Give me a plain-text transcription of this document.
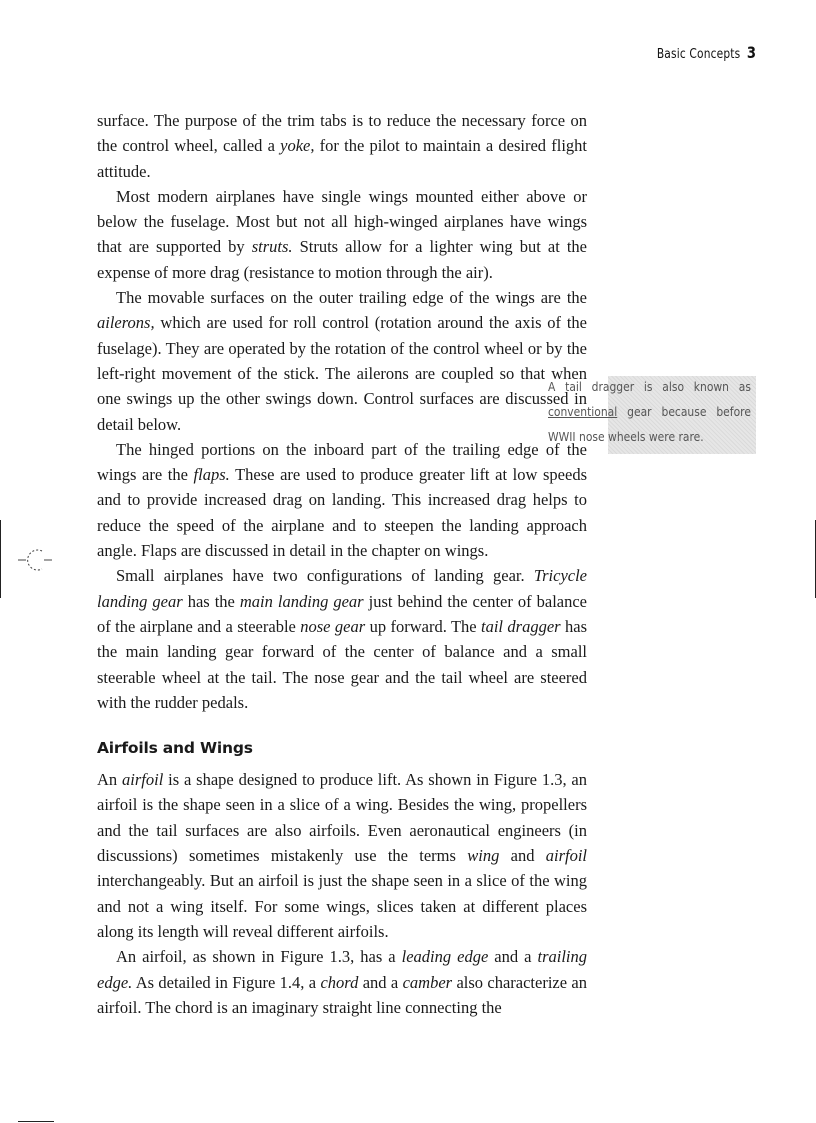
Basic Concepts 3

surface. The purpose of the trim tabs is to reduce the necessary force on the control wheel, called a yoke, for the pilot to maintain a desired flight attitude.

Most modern airplanes have single wings mounted either above or below the fuselage. Most but not all high-winged airplanes have wings that are supported by struts. Struts allow for a lighter wing but at the expense of more drag (resistance to motion through the air).

The movable surfaces on the outer trailing edge of the wings are the ailerons, which are used for roll control (rotation around the axis of the fuselage). They are operated by the rotation of the control wheel or by the left-right movement of the stick. The ailerons are coupled so that when one swings up the other swings down. Control surfaces are discussed in detail below.

The hinged portions on the inboard part of the trailing edge of the wings are the flaps. These are used to produce greater lift at low speeds and to provide increased drag on landing. This increased drag helps to reduce the speed of the airplane and to steepen the landing approach angle. Flaps are discussed in detail in the chapter on wings.

Small airplanes have two configurations of landing gear. Tricycle landing gear has the main landing gear just behind the center of balance of the airplane and a steerable nose gear up forward. The tail dragger has the main landing gear forward of the center of balance and a small steerable wheel at the tail. The nose gear and the tail wheel are steered with the rudder pedals.

Airfoils and Wings

An airfoil is a shape designed to produce lift. As shown in Figure 1.3, an airfoil is the shape seen in a slice of a wing. Besides the wing, propellers and the tail surfaces are also airfoils. Even aeronautical engineers (in discussions) sometimes mistakenly use the terms wing and airfoil interchangeably. But an airfoil is just the shape seen in a slice of the wing and not a wing itself. For some wings, slices taken at different places along its length will reveal different airfoils.

An airfoil, as shown in Figure 1.3, has a leading edge and a trailing edge. As detailed in Figure 1.4, a chord and a camber also characterize an airfoil. The chord is an imaginary straight line connecting the

A tail dragger is also known as conventional gear because before WWII nose wheels were rare.
